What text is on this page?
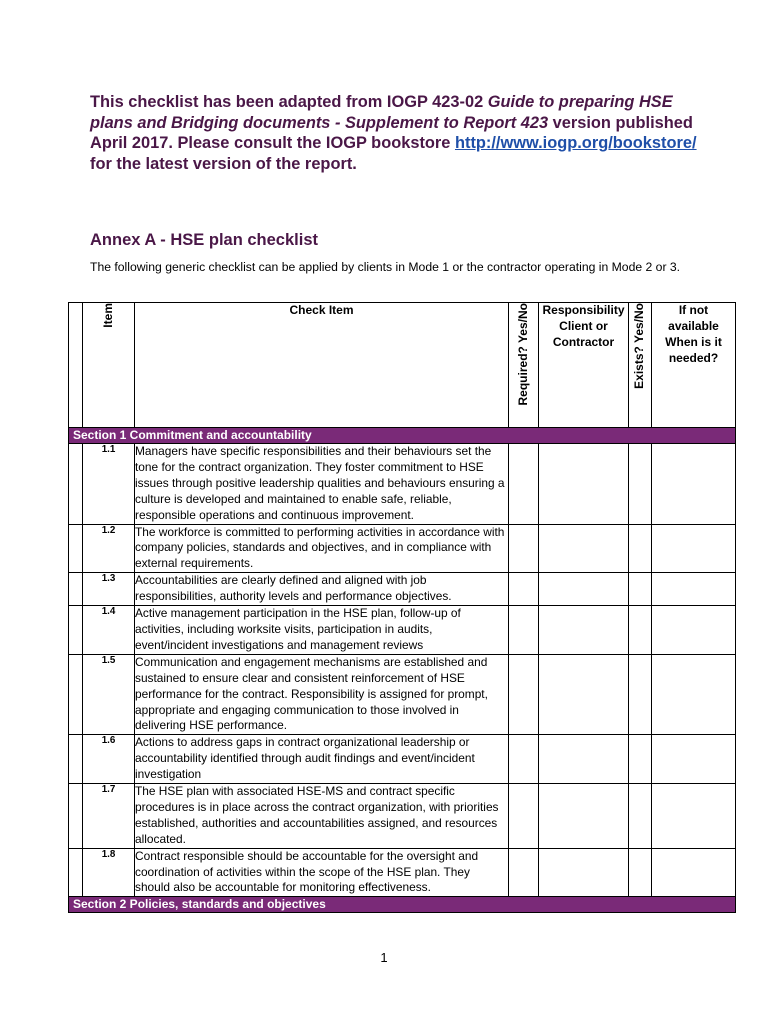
This checklist has been adapted from IOGP 423-02 Guide to preparing HSE plans and Bridging documents - Supplement to Report 423 version published April 2017. Please consult the IOGP bookstore http://www.iogp.org/bookstore/ for the latest version of the report.
Annex A - HSE plan checklist

The following generic checklist can be applied by clients in Mode 1 or the contractor operating in Mode 2 or 3.

	Item	Check Item	Required? Yes/No	Responsibility Client or Contractor	Exists? Yes/No	If not available When is it needed?
Section 1 Commitment and accountability						
	1.1	Managers have specific responsibilities and their behaviours set the tone for the contract organization. They foster commitment to HSE issues through positive leadership qualities and behaviours ensuring a culture is developed and maintained to enable safe, reliable, responsible operations and continuous improvement.				
	1.2	The workforce is committed to performing activities in accordance with company policies, standards and objectives, and in compliance with external requirements.				
	1.3	Accountabilities are clearly defined and aligned with job responsibilities, authority levels and performance objectives.				
	1.4	Active management participation in the HSE plan, follow-up of activities, including worksite visits, participation in audits, event/incident investigations and management reviews				
	1.5	Communication and engagement mechanisms are established and sustained to ensure clear and consistent reinforcement of HSE performance for the contract. Responsibility is assigned for prompt, appropriate and engaging communication to those involved in delivering HSE performance.				
	1.6	Actions to address gaps in contract organizational leadership or accountability identified through audit findings and event/incident investigation				
	1.7	The HSE plan with associated HSE-MS and contract specific procedures is in place across the contract organization, with priorities established, authorities and accountabilities assigned, and resources allocated.				
	1.8	Contract responsible should be accountable for the oversight and coordination of activities within the scope of the HSE plan. They should also be accountable for monitoring effectiveness.				
Section 2 Policies, standards and objectives						
1
